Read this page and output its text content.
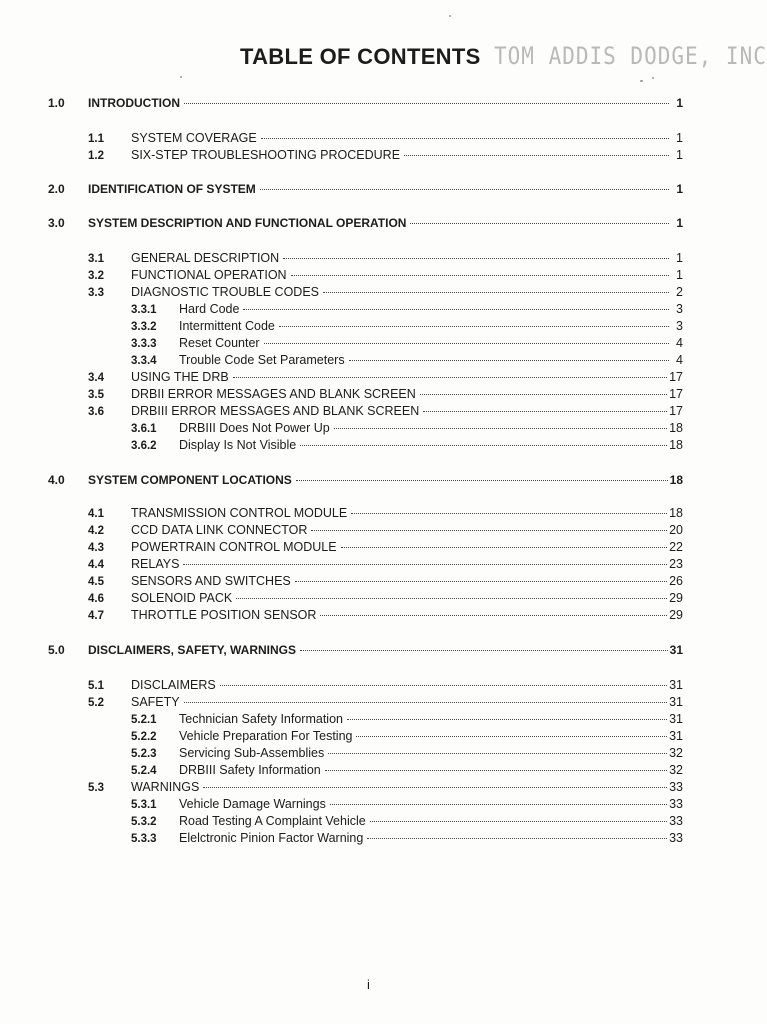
TABLE OF CONTENTS TOM ADDIS DODGE, INC
1.0	INTRODUCTION	1
1.1	SYSTEM COVERAGE	1
1.2	SIX-STEP TROUBLESHOOTING PROCEDURE	1
2.0	IDENTIFICATION OF SYSTEM	1
3.0	SYSTEM DESCRIPTION AND FUNCTIONAL OPERATION	1
3.1	GENERAL DESCRIPTION	1
3.2	FUNCTIONAL OPERATION	1
3.3	DIAGNOSTIC TROUBLE CODES	2
3.3.1	Hard Code	3
3.3.2	Intermittent Code	3
3.3.3	Reset Counter	4
3.3.4	Trouble Code Set Parameters	4
3.4	USING THE DRB	17
3.5	DRBII ERROR MESSAGES AND BLANK SCREEN	17
3.6	DRBIII ERROR MESSAGES AND BLANK SCREEN	17
3.6.1	DRBIII Does Not Power Up	18
3.6.2	Display Is Not Visible	18
4.0	SYSTEM COMPONENT LOCATIONS	18
4.1	TRANSMISSION CONTROL MODULE	18
4.2	CCD DATA LINK CONNECTOR	20
4.3	POWERTRAIN CONTROL MODULE	22
4.4	RELAYS	23
4.5	SENSORS AND SWITCHES	26
4.6	SOLENOID PACK	29
4.7	THROTTLE POSITION SENSOR	29
5.0	DISCLAIMERS, SAFETY, WARNINGS	31
5.1	DISCLAIMERS	31
5.2	SAFETY	31
5.2.1	Technician Safety Information	31
5.2.2	Vehicle Preparation For Testing	31
5.2.3	Servicing Sub-Assemblies	32
5.2.4	DRBIII Safety Information	32
5.3	WARNINGS	33
5.3.1	Vehicle Damage Warnings	33
5.3.2	Road Testing A Complaint Vehicle	33
5.3.3	Elelctronic Pinion Factor Warning	33
i
